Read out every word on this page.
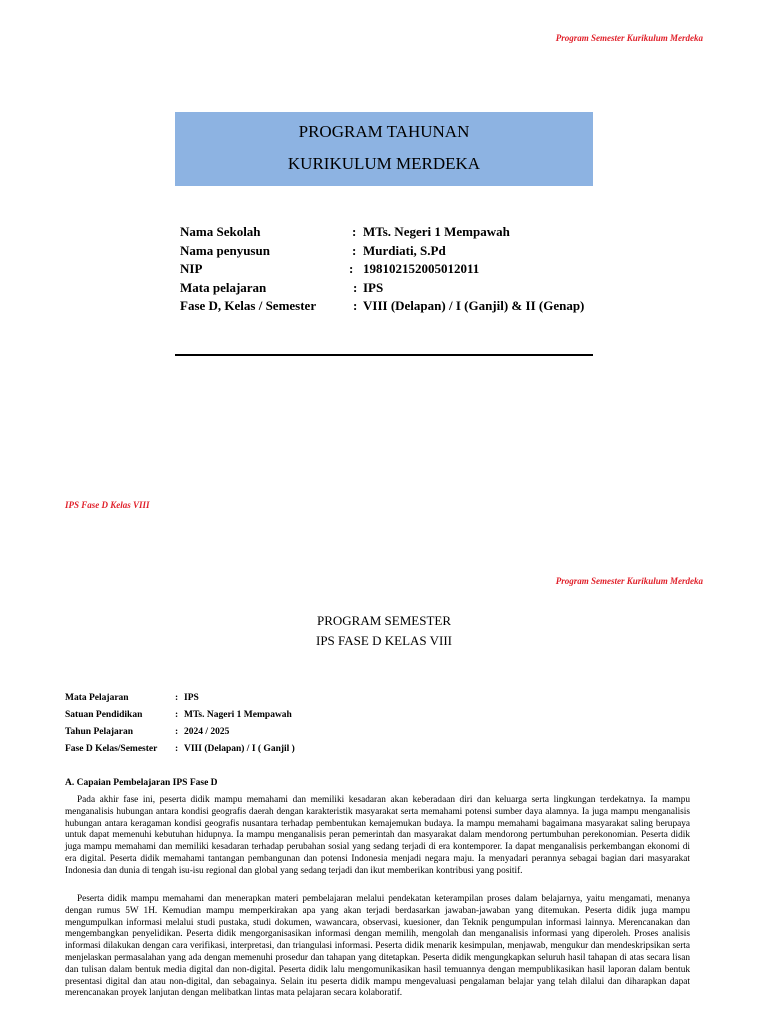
Program Semester Kurikulum Merdeka
PROGRAM TAHUNAN
KURIKULUM MERDEKA
Nama Sekolah	: MTs. Negeri 1 Mempawah
Nama penyusun	: Murdiati, S.Pd
NIP	: 198102152005012011
Mata pelajaran	: IPS
Fase D, Kelas / Semester	: VIII (Delapan) / I (Ganjil) & II (Genap)
IPS Fase D Kelas VIII
Program Semester Kurikulum Merdeka
PROGRAM SEMESTER
IPS FASE D KELAS VIII
Mata Pelajaran	: IPS
Satuan Pendidikan	: MTs. Nageri 1 Mempawah
Tahun Pelajaran	: 2024 / 2025
Fase D Kelas/Semester : VIII (Delapan) / I ( Ganjil )
A. Capaian Pembelajaran IPS Fase D

Pada akhir fase ini, peserta didik mampu memahami dan memiliki kesadaran akan keberadaan diri dan keluarga serta lingkungan terdekatnya. Ia mampu menganalisis hubungan antara kondisi geografis daerah dengan karakteristik masyarakat serta memahami potensi sumber daya alamnya. Ia juga mampu menganalisis hubungan antara keragaman kondisi geografis nusantara terhadap pembentukan kemajemukan budaya. Ia mampu memahami bagaimana masyarakat saling berupaya untuk dapat memenuhi kebutuhan hidupnya. Ia mampu menganalisis peran pemerintah dan masyarakat dalam mendorong pertumbuhan perekonomian. Peserta didik juga mampu memahami dan memiliki kesadaran terhadap perubahan sosial yang sedang terjadi di era kontemporer. Ia dapat menganalisis perkembangan ekonomi di era digital. Peserta didik memahami tantangan pembangunan dan potensi Indonesia menjadi negara maju. Ia menyadari perannya sebagai bagian dari masyarakat Indonesia dan dunia di tengah isu-isu regional dan global yang sedang terjadi dan ikut memberikan kontribusi yang positif.

Peserta didik mampu memahami dan menerapkan materi pembelajaran melalui pendekatan keterampilan proses dalam belajarnya, yaitu mengamati, menanya dengan rumus 5W 1H. Kemudian mampu memperkirakan apa yang akan terjadi berdasarkan jawaban-jawaban yang ditemukan. Peserta didik juga mampu mengumpulkan informasi melalui studi pustaka, studi dokumen, wawancara, observasi, kuesioner, dan Teknik pengumpulan informasi lainnya. Merencanakan dan mengembangkan penyelidikan. Peserta didik mengorganisasikan informasi dengan memilih, mengolah dan menganalisis informasi yang diperoleh. Proses analisis informasi dilakukan dengan cara verifikasi, interpretasi, dan triangulasi informasi. Peserta didik menarik kesimpulan, menjawab, mengukur dan mendeskripsikan serta menjelaskan permasalahan yang ada dengan memenuhi prosedur dan tahapan yang ditetapkan. Peserta didik mengungkapkan seluruh hasil tahapan di atas secara lisan dan tulisan dalam bentuk media digital dan non-digital. Peserta didik lalu mengomunikasikan hasil temuannya dengan mempublikasikan hasil laporan dalam bentuk presentasi digital dan atau non-digital, dan sebagainya. Selain itu peserta didik mampu mengevaluasi pengalaman belajar yang telah dilalui dan diharapkan dapat merencanakan proyek lanjutan dengan melibatkan lintas mata pelajaran secara kolaboratif.
